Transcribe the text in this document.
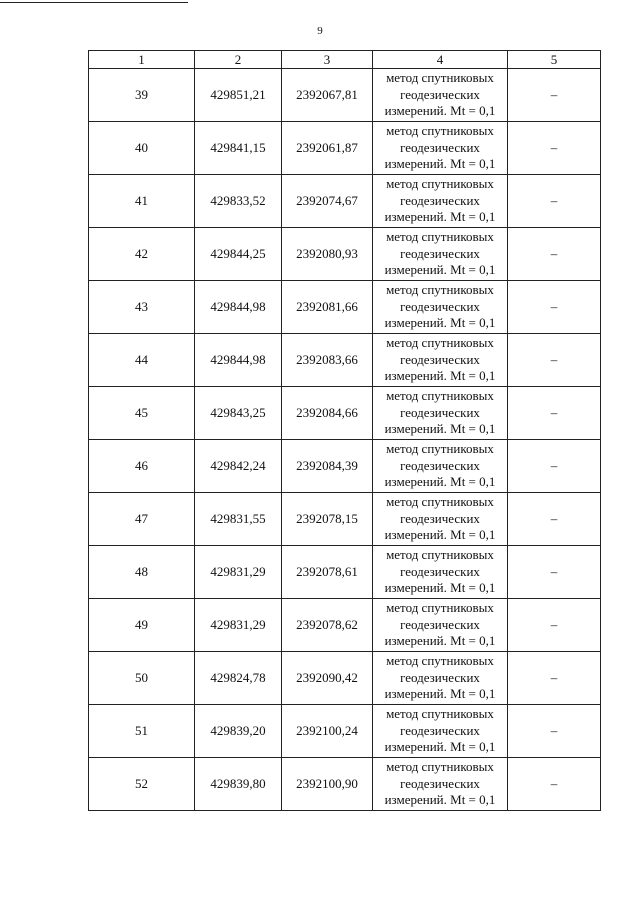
9
1	2	3	4	5
39	429851,21	2392067,81	метод спутниковых
геодезических
измерений. Mt = 0,1	–
40	429841,15	2392061,87	метод спутниковых
геодезических
измерений. Mt = 0,1	–
41	429833,52	2392074,67	метод спутниковых
геодезических
измерений. Mt = 0,1	–
42	429844,25	2392080,93	метод спутниковых
геодезических
измерений. Mt = 0,1	–
43	429844,98	2392081,66	метод спутниковых
геодезических
измерений. Mt = 0,1	–
44	429844,98	2392083,66	метод спутниковых
геодезических
измерений. Mt = 0,1	–
45	429843,25	2392084,66	метод спутниковых
геодезических
измерений. Mt = 0,1	–
46	429842,24	2392084,39	метод спутниковых
геодезических
измерений. Mt = 0,1	–
47	429831,55	2392078,15	метод спутниковых
геодезических
измерений. Mt = 0,1	–
48	429831,29	2392078,61	метод спутниковых
геодезических
измерений. Mt = 0,1	–
49	429831,29	2392078,62	метод спутниковых
геодезических
измерений. Mt = 0,1	–
50	429824,78	2392090,42	метод спутниковых
геодезических
измерений. Mt = 0,1	–
51	429839,20	2392100,24	метод спутниковых
геодезических
измерений. Mt = 0,1	–
52	429839,80	2392100,90	метод спутниковых
геодезических
измерений. Mt = 0,1	–
